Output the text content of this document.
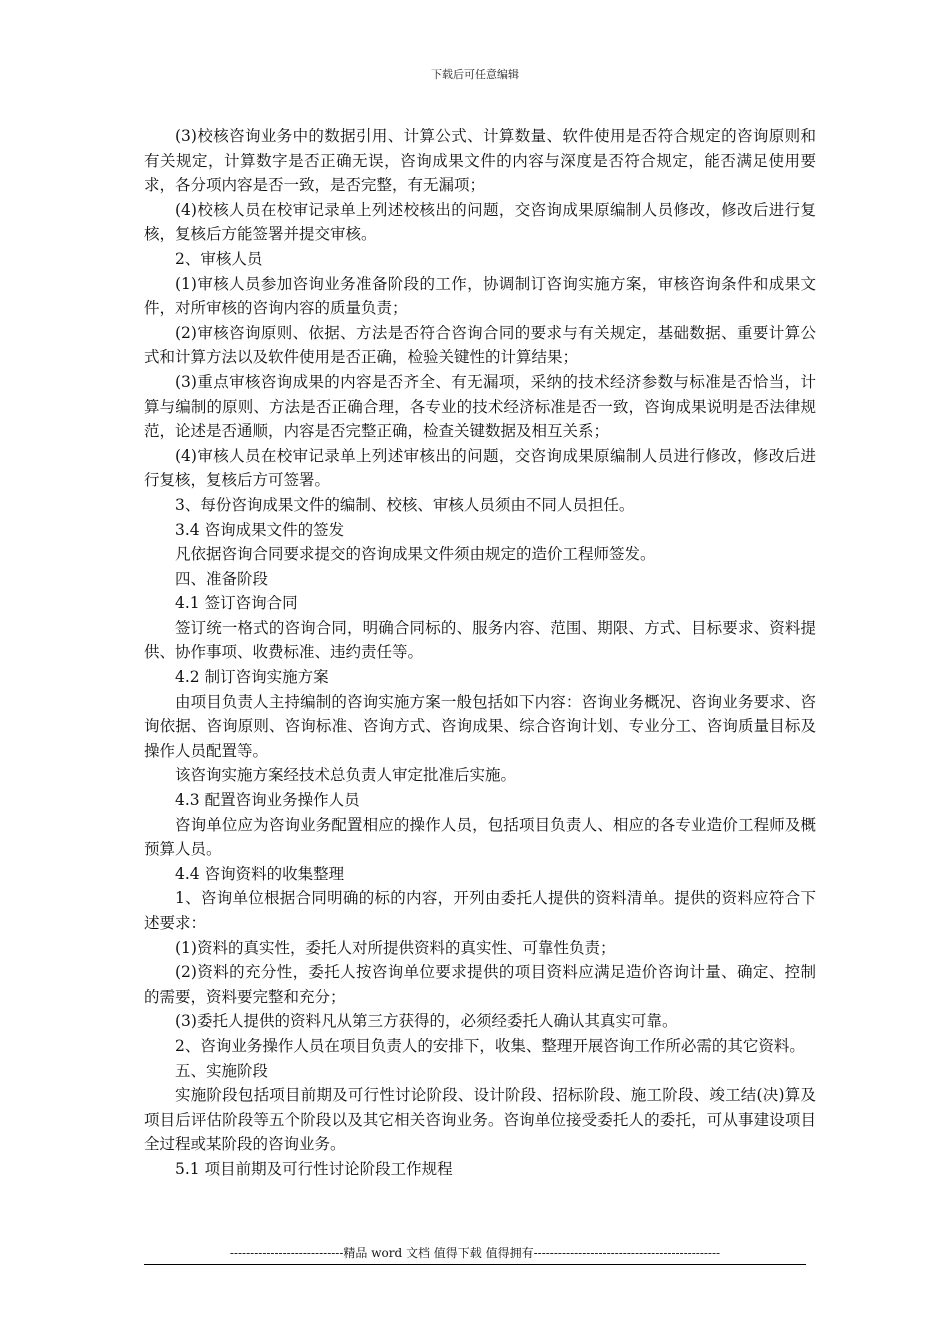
下载后可任意编辑

(3)校核咨询业务中的数据引用、计算公式、计算数量、软件使用是否符合规定的咨询原则和有关规定，计算数字是否正确无误，咨询成果文件的内容与深度是否符合规定，能否满足使用要求，各分项内容是否一致，是否完整，有无漏项；

(4)校核人员在校审记录单上列述校核出的问题，交咨询成果原编制人员修改，修改后进行复核，复核后方能签署并提交审核。

2、审核人员

(1)审核人员参加咨询业务准备阶段的工作，协调制订咨询实施方案，审核咨询条件和成果文件，对所审核的咨询内容的质量负责；

(2)审核咨询原则、依据、方法是否符合咨询合同的要求与有关规定，基础数据、重要计算公式和计算方法以及软件使用是否正确，检验关键性的计算结果；

(3)重点审核咨询成果的内容是否齐全、有无漏项，采纳的技术经济参数与标准是否恰当，计算与编制的原则、方法是否正确合理，各专业的技术经济标准是否一致，咨询成果说明是否法律规范，论述是否通顺，内容是否完整正确，检查关键数据及相互关系；

(4)审核人员在校审记录单上列述审核出的问题，交咨询成果原编制人员进行修改，修改后进行复核，复核后方可签署。

3、每份咨询成果文件的编制、校核、审核人员须由不同人员担任。

3.4 咨询成果文件的签发

凡依据咨询合同要求提交的咨询成果文件须由规定的造价工程师签发。

四、准备阶段

4.1 签订咨询合同

签订统一格式的咨询合同，明确合同标的、服务内容、范围、期限、方式、目标要求、资料提供、协作事项、收费标准、违约责任等。

4.2 制订咨询实施方案

由项目负责人主持编制的咨询实施方案一般包括如下内容：咨询业务概况、咨询业务要求、咨询依据、咨询原则、咨询标准、咨询方式、咨询成果、综合咨询计划、专业分工、咨询质量目标及操作人员配置等。

该咨询实施方案经技术总负责人审定批准后实施。

4.3 配置咨询业务操作人员

咨询单位应为咨询业务配置相应的操作人员，包括项目负责人、相应的各专业造价工程师及概预算人员。

4.4 咨询资料的收集整理

1、咨询单位根据合同明确的标的内容，开列由委托人提供的资料清单。提供的资料应符合下述要求：

(1)资料的真实性，委托人对所提供资料的真实性、可靠性负责；

(2)资料的充分性，委托人按咨询单位要求提供的项目资料应满足造价咨询计量、确定、控制的需要，资料要完整和充分；

(3)委托人提供的资料凡从第三方获得的，必须经委托人确认其真实可靠。

2、咨询业务操作人员在项目负责人的安排下，收集、整理开展咨询工作所必需的其它资料。

五、实施阶段

实施阶段包括项目前期及可行性讨论阶段、设计阶段、招标阶段、施工阶段、竣工结(决)算及项目后评估阶段等五个阶段以及其它相关咨询业务。咨询单位接受委托人的委托，可从事建设项目全过程或某阶段的咨询业务。

5.1 项目前期及可行性讨论阶段工作规程

----------------------------精品 word 文档 值得下载 值得拥有----------------------------------------------
